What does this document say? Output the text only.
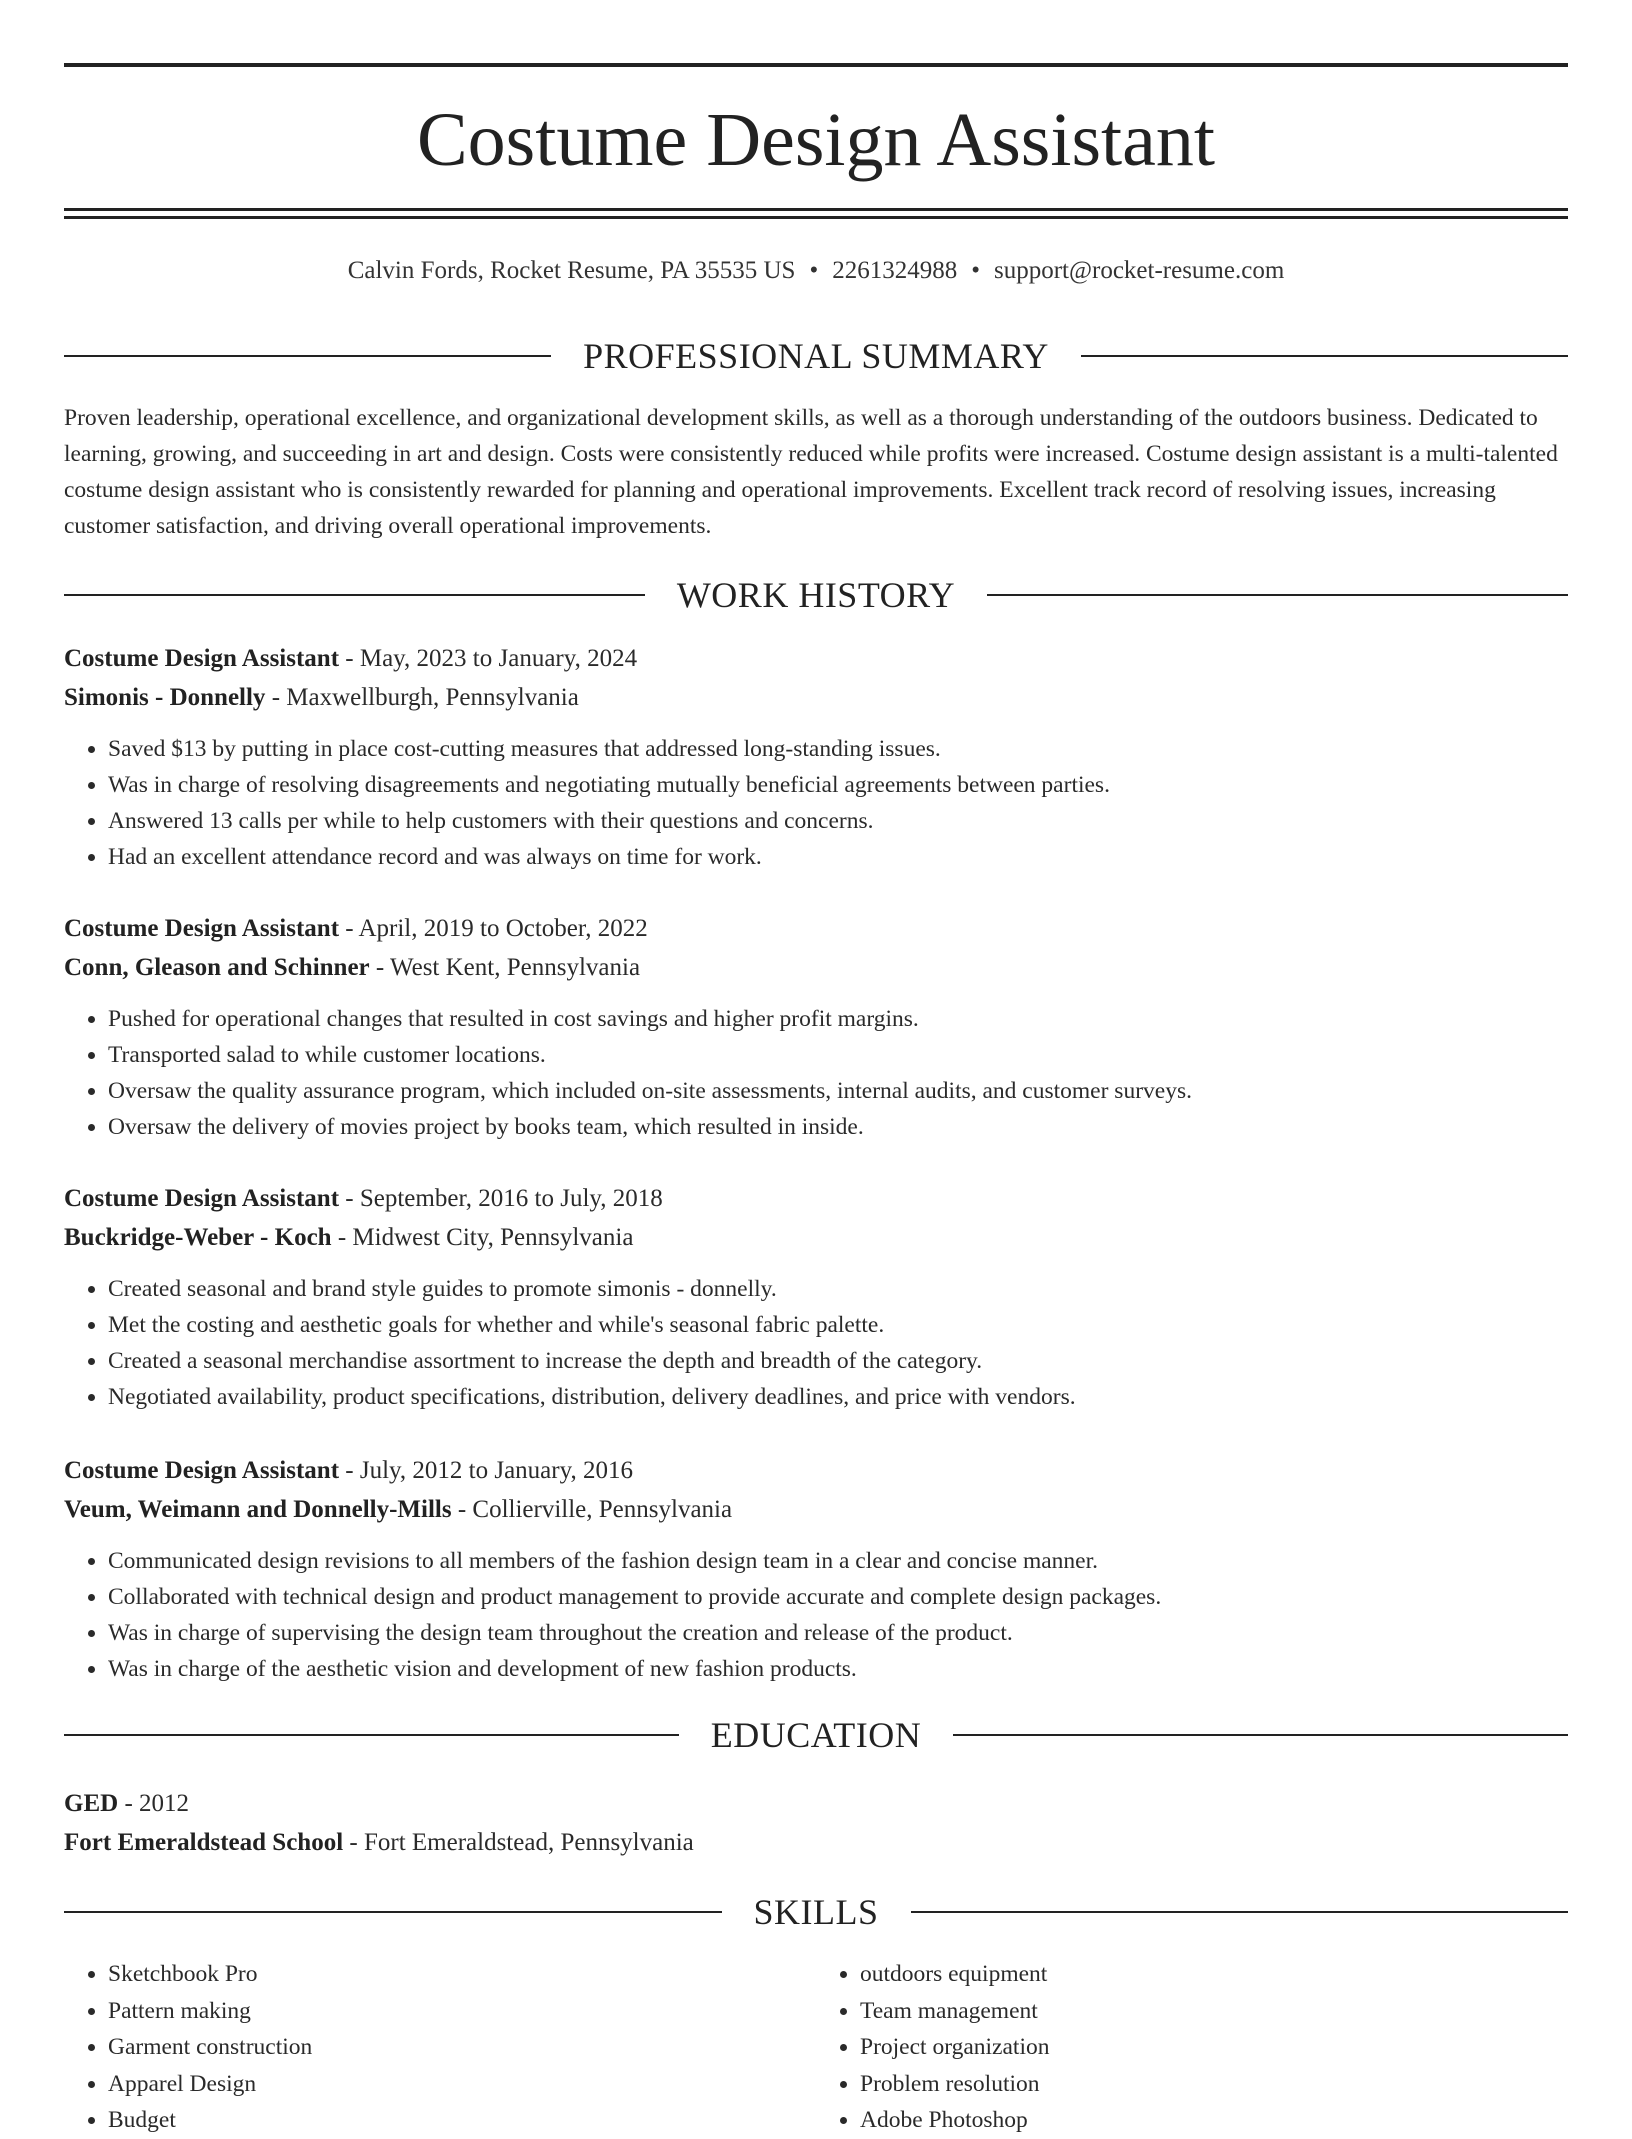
Costume Design Assistant
Calvin Fords, Rocket Resume, PA 35535 US • 2261324988 • support@rocket-resume.com
PROFESSIONAL SUMMARY

Proven leadership, operational excellence, and organizational development skills, as well as a thorough understanding of the outdoors business. Dedicated to learning, growing, and succeeding in art and design. Costs were consistently reduced while profits were increased. Costume design assistant is a multi-talented costume design assistant who is consistently rewarded for planning and operational improvements. Excellent track record of resolving issues, increasing customer satisfaction, and driving overall operational improvements.

WORK HISTORY
Costume Design Assistant - May, 2023 to January, 2024
Simonis - Donnelly - Maxwellburgh, Pennsylvania
• Saved $13 by putting in place cost-cutting measures that addressed long-standing issues.
• Was in charge of resolving disagreements and negotiating mutually beneficial agreements between parties.
• Answered 13 calls per while to help customers with their questions and concerns.
• Had an excellent attendance record and was always on time for work.
Costume Design Assistant - April, 2019 to October, 2022
Conn, Gleason and Schinner - West Kent, Pennsylvania
• Pushed for operational changes that resulted in cost savings and higher profit margins.
• Transported salad to while customer locations.
• Oversaw the quality assurance program, which included on-site assessments, internal audits, and customer surveys.
• Oversaw the delivery of movies project by books team, which resulted in inside.
Costume Design Assistant - September, 2016 to July, 2018
Buckridge-Weber - Koch - Midwest City, Pennsylvania
• Created seasonal and brand style guides to promote simonis - donnelly.
• Met the costing and aesthetic goals for whether and while's seasonal fabric palette.
• Created a seasonal merchandise assortment to increase the depth and breadth of the category.
• Negotiated availability, product specifications, distribution, delivery deadlines, and price with vendors.
Costume Design Assistant - July, 2012 to January, 2016
Veum, Weimann and Donnelly-Mills - Collierville, Pennsylvania
• Communicated design revisions to all members of the fashion design team in a clear and concise manner.
• Collaborated with technical design and product management to provide accurate and complete design packages.
• Was in charge of supervising the design team throughout the creation and release of the product.
• Was in charge of the aesthetic vision and development of new fashion products.
EDUCATION
GED - 2012
Fort Emeraldstead School - Fort Emeraldstead, Pennsylvania
SKILLS
• Sketchbook Pro
• Pattern making
• Garment construction
• Apparel Design
• Budget
• outdoors equipment
• Team management
• Project organization
• Problem resolution
• Adobe Photoshop
